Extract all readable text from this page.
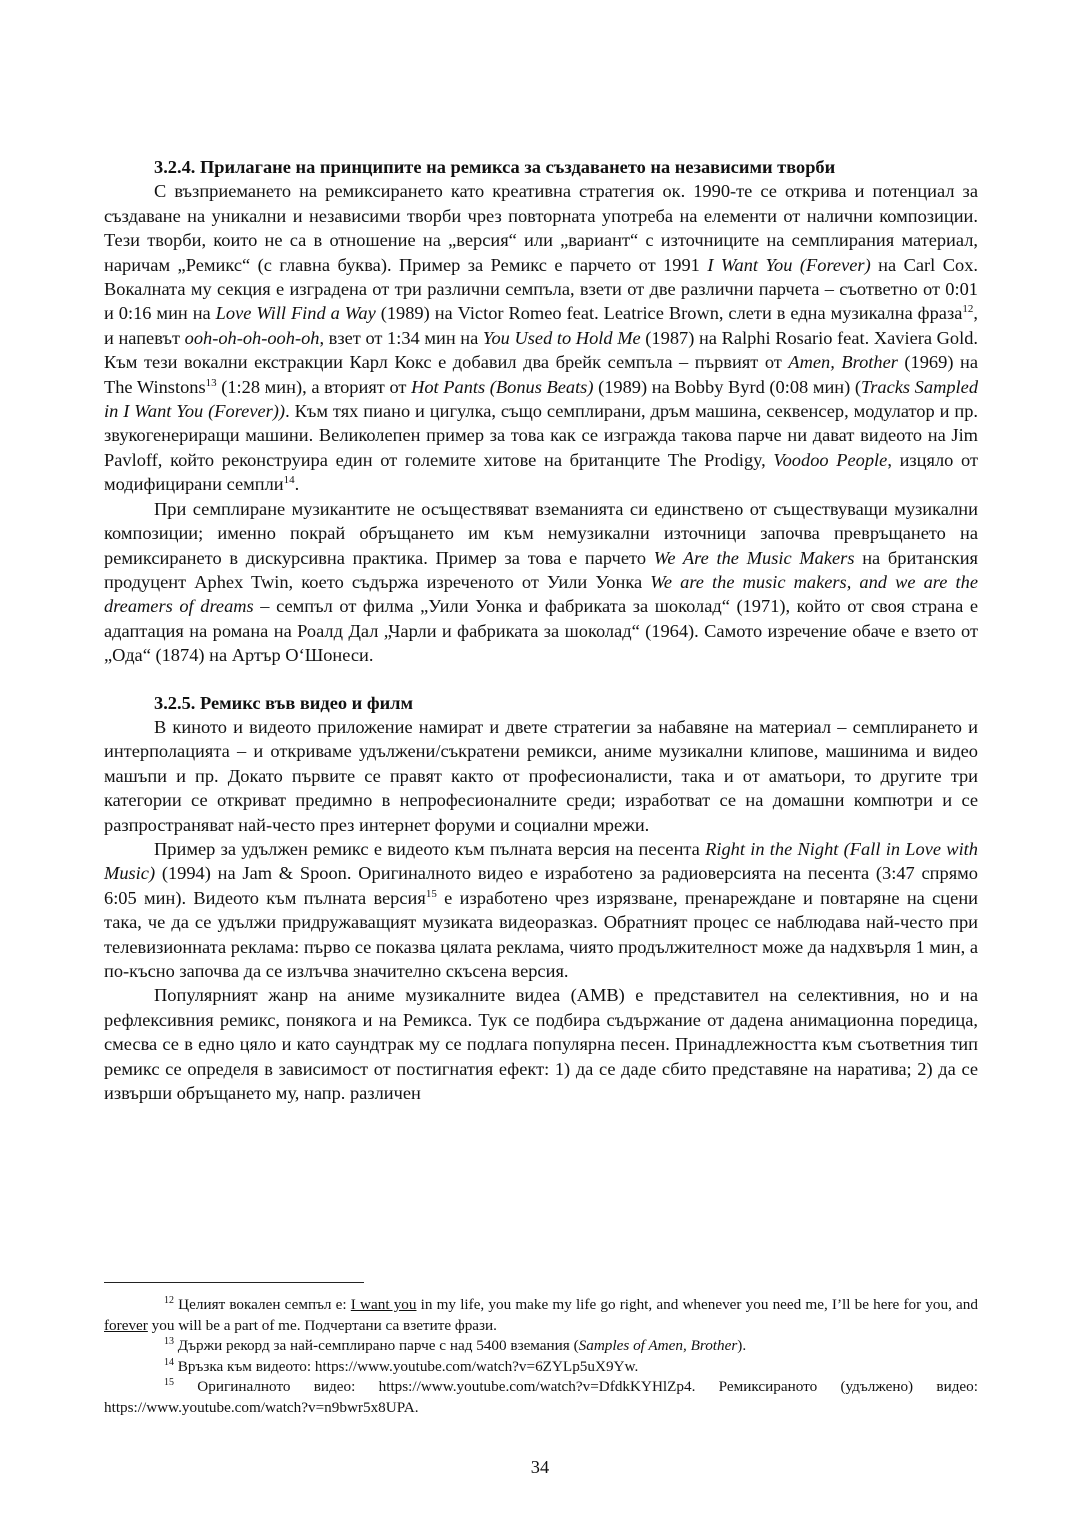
3.2.4. Прилагане на принципите на ремикса за създаването на независими творби

С възприемането на ремиксирането като креативна стратегия ок. 1990-те се открива и потенциал за създаване на уникални и независими творби чрез повторната употреба на елементи от налични композиции. Тези творби, които не са в отношение на „версия“ или „вариант“ с източниците на семплирания материал, наричам „Ремикс“ (с главна буква). Пример за Ремикс е парчето от 1991 I Want You (Forever) на Carl Cox. Вокалната му секция е изградена от три различни семпъла, взети от две различни парчета – съответно от 0:01 и 0:16 мин на Love Will Find a Way (1989) на Victor Romeo feat. Leatrice Brown, слети в една музикална фраза$^{12}$, и напевът ooh-oh-oh-ooh-oh, взет от 1:34 мин на You Used to Hold Me (1987) на Ralphi Rosario feat. Xaviera Gold. Към тези вокални екстракции Карл Кокс е добавил два брейк семпъла – първият от Amen, Brother (1969) на The Winstons$^{13}$ (1:28 мин), а вторият от Hot Pants (Bonus Beats) (1989) на Bobby Byrd (0:08 мин) (Tracks Sampled in I Want You (Forever)). Към тях пиано и цигулка, също семплирани, дръм машина, секвенсер, модулатор и пр. звукогенериращи машини. Великолепен пример за това как се изгражда такова парче ни дават видеото на Jim Pavloff, който реконструира един от големите хитове на британците The Prodigy, Voodoo People, изцяло от модифицирани семпли$^{14}$.

При семплиране музикантите не осъществяват вземанията си единствено от съществуващи музикални композиции; именно покрай обръщането им към немузикални източници започва превръщането на ремиксирането в дискурсивна практика. Пример за това е парчето We Are the Music Makers на британския продуцент Aphex Twin, което съдържа изреченото от Уили Уонка We are the music makers, and we are the dreamers of dreams – семпъл от филма „Уили Уонка и фабриката за шоколад“ (1971), който от своя страна е адаптация на романа на Роалд Дал „Чарли и фабриката за шоколад“ (1964). Самото изречение обаче е взето от „Ода“ (1874) на Артър О‘Шонеси.

3.2.5. Ремикс във видео и филм

В киното и видеото приложение намират и двете стратегии за набавяне на материал – семплирането и интерполацията – и откриваме удължени/съкратени ремикси, аниме музикални клипове, машинима и видео машъпи и пр. Докато първите се правят както от професионалисти, така и от аматьори, то другите три категории се откриват предимно в непрофесионалните среди; изработват се на домашни компютри и се разпространяват най-често през интернет форуми и социални мрежи.

Пример за удължен ремикс е видеото към пълната версия на песента Right in the Night (Fall in Love with Music) (1994) на Jam & Spoon. Оригиналното видео е изработено за радиоверсията на песента (3:47 спрямо 6:05 мин). Видеото към пълната версия$^{15}$ е изработено чрез изрязване, пренареждане и повтаряне на сцени така, че да се удължи придружаващият музиката видеоразказ. Обратният процес се наблюдава най-често при телевизионната реклама: първо се показва цялата реклама, чиято продължителност може да надхвърля 1 мин, а по-късно започва да се излъчва значително скъсена версия.

Популярният жанр на аниме музикалните видеа (AMB) е представител на селективния, но и на рефлексивния ремикс, понякога и на Ремикса. Тук се подбира съдържание от дадена анимационна поредица, смесва се в едно цяло и като саундтрак му се подлага популярна песен. Принадлежността към съответния тип ремикс се определя в зависимост от постигнатия ефект: 1) да се даде сбито представяне на наратива; 2) да се извърши обръщането му, напр. различен

$^{12}$ Целият вокален семпъл е: I want you in my life, you make my life go right, and whenever you need me, I’ll be here for you, and forever you will be a part of me. Подчертани са взетите фрази.

$^{13}$ Държи рекорд за най-семплирано парче с над 5400 вземания (Samples of Amen, Brother).

$^{14}$ Връзка към видеото: https://www.youtube.com/watch?v=6ZYLp5uX9Yw.

$^{15}$ Оригиналното видео: https://www.youtube.com/watch?v=DfdkKYHlZp4. Ремиксираното (удължено) видео: https://www.youtube.com/watch?v=n9bwr5x8UPA.

34
